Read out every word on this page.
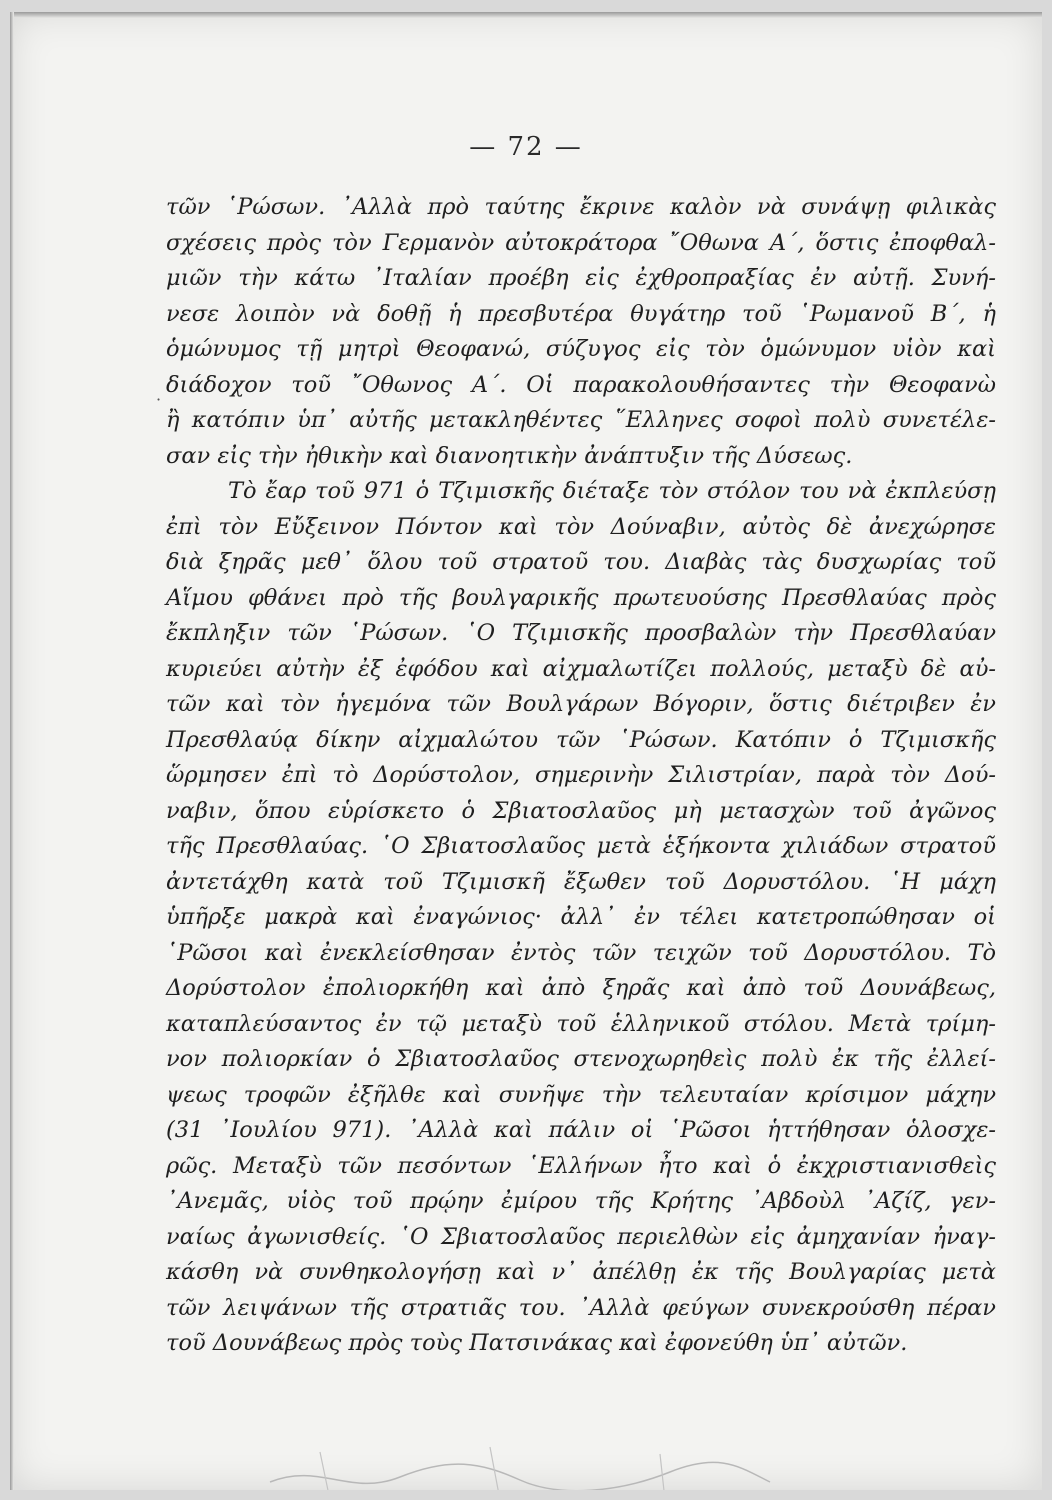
— 72 —
τῶν ῾Ρώσων. ᾿Αλλὰ πρὸ ταύτης ἔκρινε καλὸν νὰ συνάψῃ φιλικὰς
σχέσεις πρὸς τὸν Γερμανὸν αὐτοκράτορα ῎Οθωνα Α΄, ὅστις ἐποφθαλ-
μιῶν τὴν κάτω ᾿Ιταλίαν προέβη εἰς ἐχθροπραξίας ἐν αὐτῇ. Συνή-
νεσε λοιπὸν νὰ δοθῇ ἡ πρεσβυτέρα θυγάτηρ τοῦ ῾Ρωμανοῦ Β΄, ἡ
ὁμώνυμος τῇ μητρὶ Θεοφανώ, σύζυγος εἰς τὸν ὁμώνυμον υἱὸν καὶ
διάδοχον τοῦ ῎Οθωνος Α΄. Οἱ παρακολουθήσαντες τὴν Θεοφανὼ
ἢ κατόπιν ὑπ᾿ αὐτῆς μετακληθέντες ῞Ελληνες σοφοὶ πολὺ συνετέλε-
σαν εἰς τὴν ἠθικὴν καὶ διανοητικὴν ἀνάπτυξιν τῆς Δύσεως.
Τὸ ἔαρ τοῦ 971 ὁ Τζιμισκῆς διέταξε τὸν στόλον του νὰ ἐκπλεύσῃ
ἐπὶ τὸν Εὔξεινον Πόντον καὶ τὸν Δούναβιν, αὐτὸς δὲ ἀνεχώρησε
διὰ ξηρᾶς μεθ᾿ ὅλου τοῦ στρατοῦ του. Διαβὰς τὰς δυσχωρίας τοῦ
Αἵμου φθάνει πρὸ τῆς βουλγαρικῆς πρωτευούσης Πρεσθλαύας πρὸς
ἔκπληξιν τῶν ῾Ρώσων. ῾Ο Τζιμισκῆς προσβαλὼν τὴν Πρεσθλαύαν
κυριεύει αὐτὴν ἐξ ἐφόδου καὶ αἰχμαλωτίζει πολλούς, μεταξὺ δὲ αὐ-
τῶν καὶ τὸν ἡγεμόνα τῶν Βουλγάρων Βόγοριν, ὅστις διέτριβεν ἐν
Πρεσθλαύᾳ δίκην αἰχμαλώτου τῶν ῾Ρώσων. Κατόπιν ὁ Τζιμισκῆς
ὥρμησεν ἐπὶ τὸ Δορύστολον, σημερινὴν Σιλιστρίαν, παρὰ τὸν Δού-
ναβιν, ὅπου εὑρίσκετο ὁ Σβιατοσλαῦος μὴ μετασχὼν τοῦ ἀγῶνος
τῆς Πρεσθλαύας. ῾Ο Σβιατοσλαῦος μετὰ ἑξήκοντα χιλιάδων στρατοῦ
ἀντετάχθη κατὰ τοῦ Τζιμισκῆ ἔξωθεν τοῦ Δορυστόλου. ῾Η μάχη
ὑπῆρξε μακρὰ καὶ ἐναγώνιος· ἀλλ᾿ ἐν τέλει κατετροπώθησαν οἱ
῾Ρῶσοι καὶ ἐνεκλείσθησαν ἐντὸς τῶν τειχῶν τοῦ Δορυστόλου. Τὸ
Δορύστολον ἐπολιορκήθη καὶ ἀπὸ ξηρᾶς καὶ ἀπὸ τοῦ Δουνάβεως,
καταπλεύσαντος ἐν τῷ μεταξὺ τοῦ ἑλληνικοῦ στόλου. Μετὰ τρίμη-
νον πολιορκίαν ὁ Σβιατοσλαῦος στενοχωρηθεὶς πολὺ ἐκ τῆς ἐλλεί-
ψεως τροφῶν ἐξῆλθε καὶ συνῆψε τὴν τελευταίαν κρίσιμον μάχην
(31 ᾿Ιουλίου 971). ᾿Αλλὰ καὶ πάλιν οἱ ῾Ρῶσοι ἡττήθησαν ὁλοσχε-
ρῶς. Μεταξὺ τῶν πεσόντων ῾Ελλήνων ἦτο καὶ ὁ ἐκχριστιανισθεὶς
᾿Ανεμᾶς, υἱὸς τοῦ πρῴην ἐμίρου τῆς Κρήτης ᾿Αβδοὺλ ᾿Αζίζ, γεν-
ναίως ἀγωνισθείς. ῾Ο Σβιατοσλαῦος περιελθὼν εἰς ἀμηχανίαν ἠναγ-
κάσθη νὰ συνθηκολογήσῃ καὶ ν᾿ ἀπέλθῃ ἐκ τῆς Βουλγαρίας μετὰ
τῶν λειψάνων τῆς στρατιᾶς του. ᾿Αλλὰ φεύγων συνεκρούσθη πέραν
τοῦ Δουνάβεως πρὸς τοὺς Πατσινάκας καὶ ἐφονεύθη ὑπ᾿ αὐτῶν.
·
